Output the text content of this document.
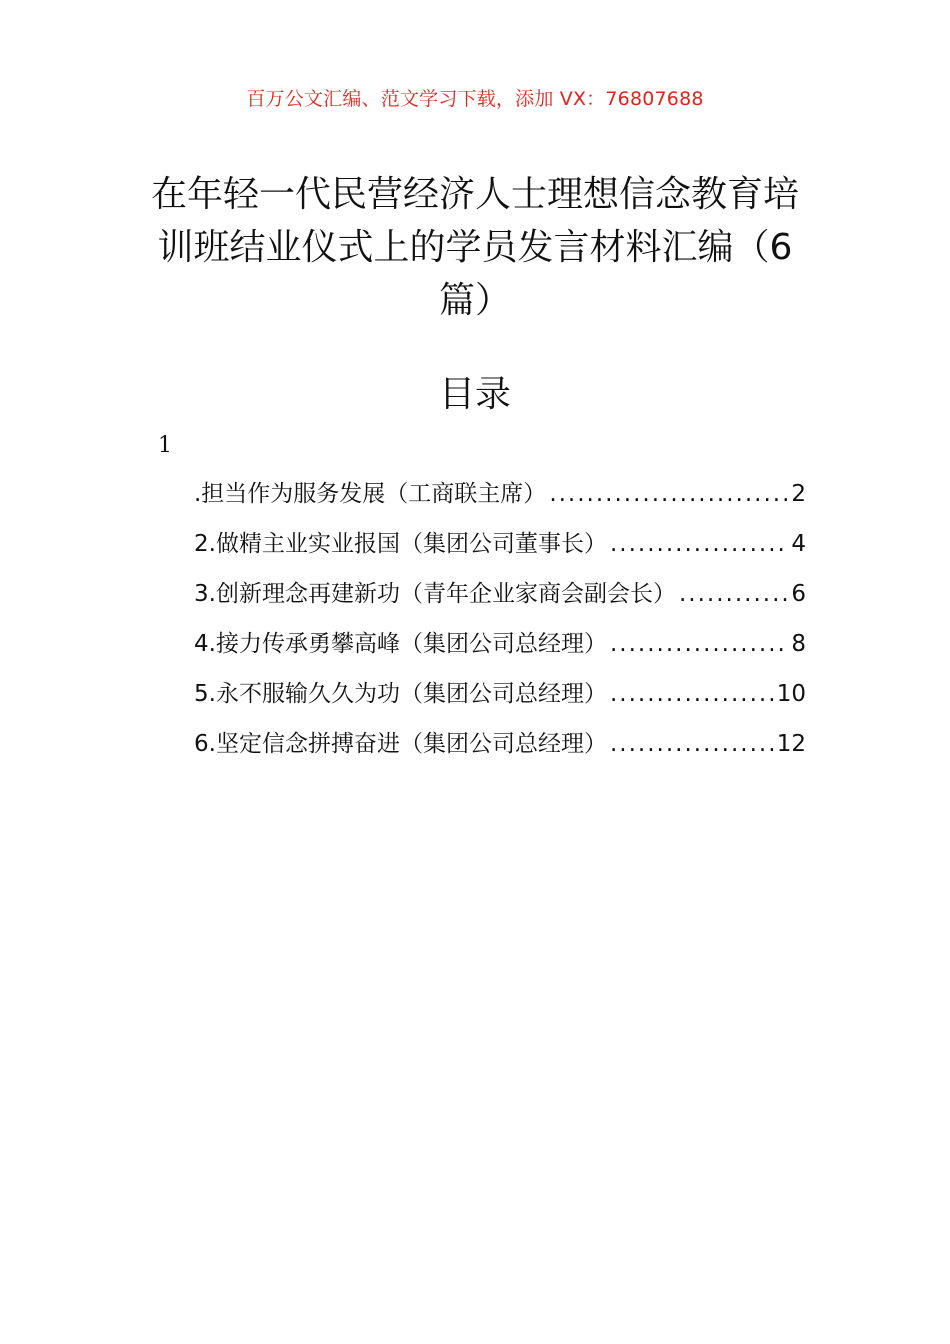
百万公文汇编、范文学习下载，添加 VX：76807688
在年轻一代民营经济人士理想信念教育培
训班结业仪式上的学员发言材料汇编（6
篇）
目录
1
.担当作为服务发展（工商联主席） .....	2
2.做精主业实业报国（集团公司董事长） .....	4
3.创新理念再建新功（青年企业家商会副会长） .....	6
4.接力传承勇攀高峰（集团公司总经理） .....	8
5.永不服输久久为功（集团公司总经理） .....	10
6.坚定信念拼搏奋进（集团公司总经理） .....	12
